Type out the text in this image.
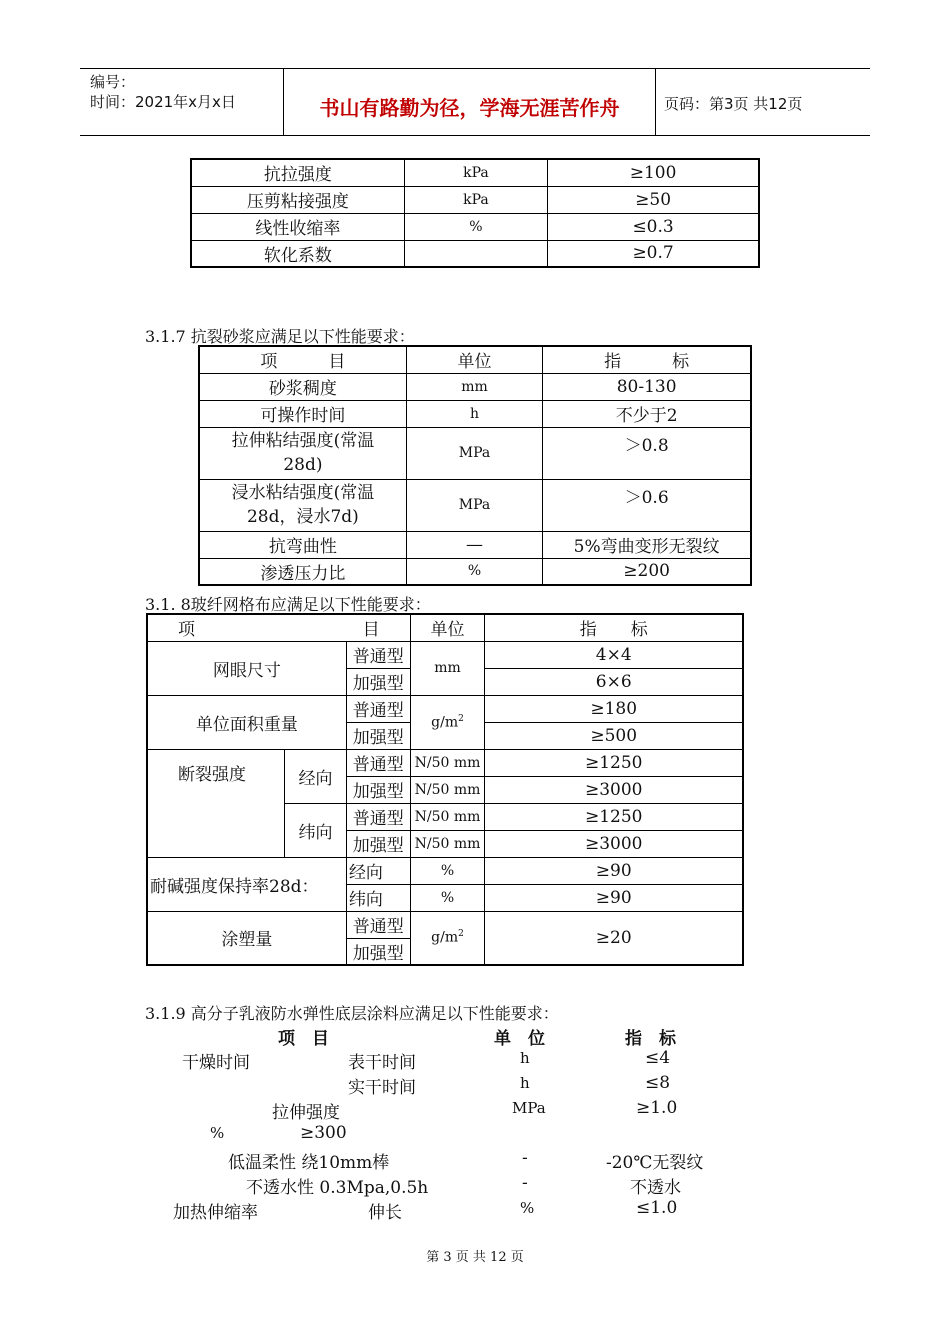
编号：
时间：2021年x月x日	书山有路勤为径，学海无涯苦作舟	页码：第3页 共12页
抗拉强度	kPa	≥100
压剪粘接强度	kPa	≥50
线性收缩率	%	≤0.3
软化系数		≥0.7
3.1.7 抗裂砂浆应满足以下性能要求：
项　　　目	单位	指　　　标
砂浆稠度	mm	80-130
可操作时间	h	不少于2
拉伸粘结强度(常温28d)	MPa	＞0.8
浸水粘结强度(常温28d，浸水7d)	MPa	＞0.6
抗弯曲性	—	5%弯曲变形无裂纹
渗透压力比	%	≥200
3.1. 8玻纤网格布应满足以下性能要求：
项 目			单位	指　　标
网眼尺寸		普通型	mm	4×4
		加强型		6×6
单位面积重量		普通型	$g/m^2$	≥180
		加强型		≥500
断裂强度	经向	普通型	N/50 mm	≥1250
		加强型	N/50 mm	≥3000
	纬向	普通型	N/50 mm	≥1250
		加强型	N/50 mm	≥3000
耐碱强度保持率28d：		经向	%	≥90
		纬向	%	≥90
涂塑量		普通型	$g/m^2$	≥20
		加强型		
3.1.9 高分子乳液防水弹性底层涂料应满足以下性能要求：
项　目	单　位	指　标
干燥时间	表干时间	h	≤4
实干时间	h	≤8
拉伸强度	MPa	≥1.0
%	≥300
低温柔性 绕10mm棒	-	-20℃无裂纹
不透水性 0.3Mpa,0.5h	-	不透水
加热伸缩率	伸长	%	≤1.0
第 3 页 共 12 页
